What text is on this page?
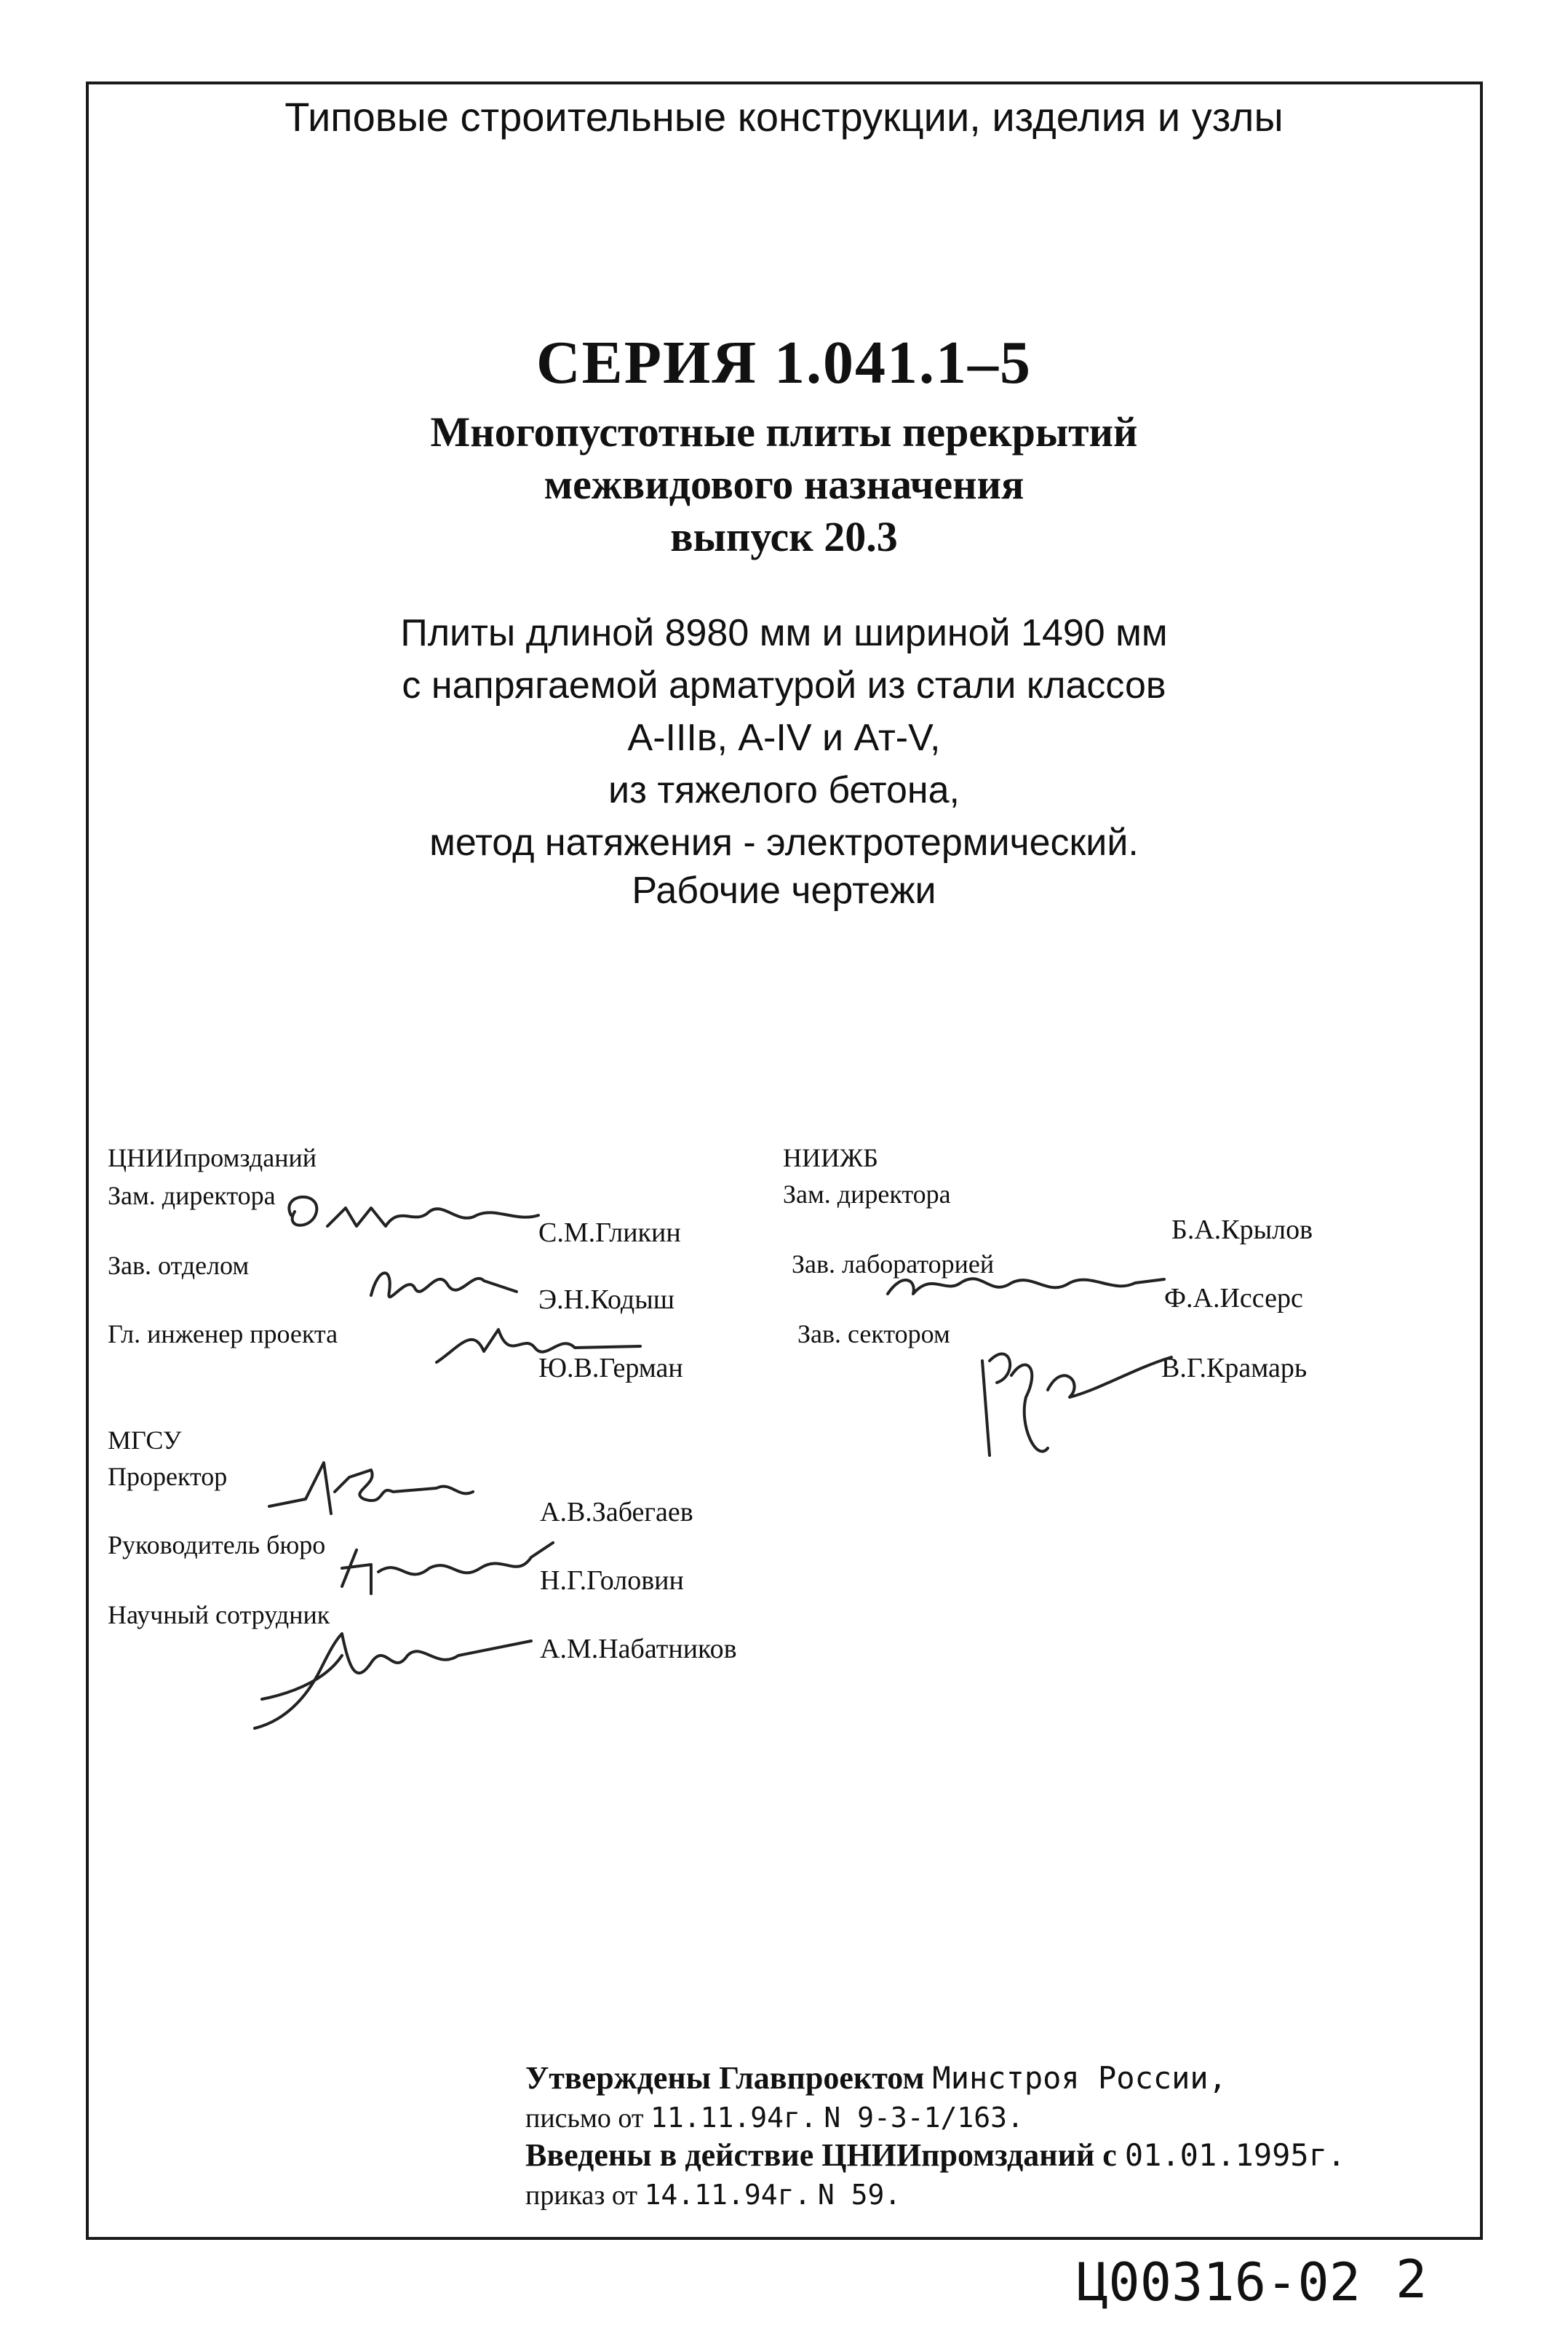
Типовые строительные конструкции, изделия и узлы
СЕРИЯ 1.041.1–5
Многопустотные плиты перекрытий
межвидового назначения
выпуск 20.3
Плиты длиной 8980 мм и шириной 1490 мм
с напрягаемой арматурой из стали классов
А-IIIв, А-IV и Ат-V,
из тяжелого бетона,
метод натяжения - электротермический.
Рабочие чертежи
ЦНИИпромзданий
Зам. директора
С.М.Гликин
Зав. отделом
Э.Н.Кодыш
Гл. инженер проекта
Ю.В.Герман
НИИЖБ
Зам. директора
Б.А.Крылов
Зав. лабораторией
Ф.А.Иссерс
Зав. сектором
В.Г.Крамарь
МГСУ
Проректор
А.В.Забегаев
Руководитель бюро
Н.Г.Головин
Научный сотрудник
А.М.Набатников
Утверждены Главпроектом Минстроя России,
письмо от 11.11.94г. N 9-3-1/163.
Введены в действие ЦНИИпромзданий с 01.01.1995г.
приказ от 14.11.94г. N 59.
Ц00316-02 2
